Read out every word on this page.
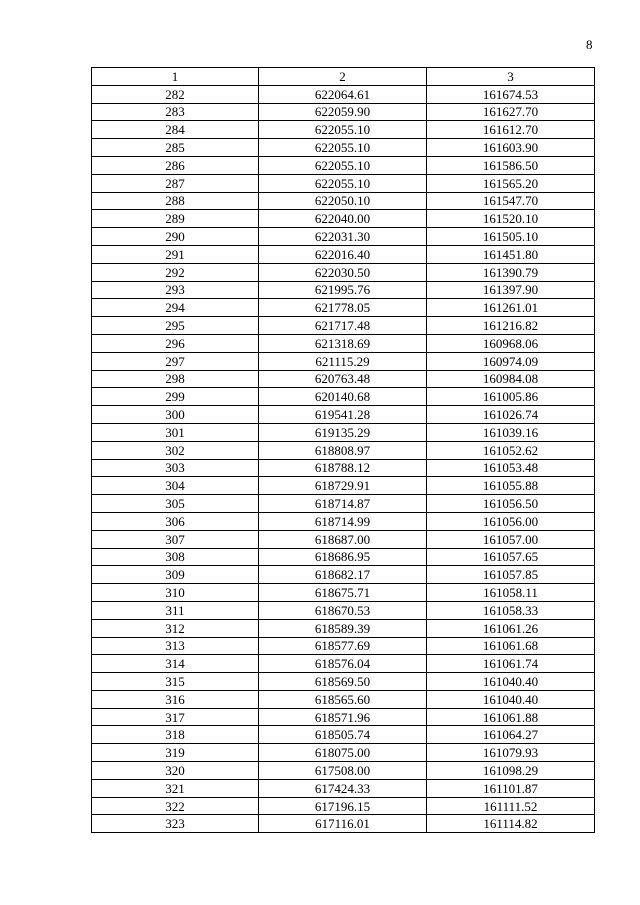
8
1	2	3
282	622064.61	161674.53
283	622059.90	161627.70
284	622055.10	161612.70
285	622055.10	161603.90
286	622055.10	161586.50
287	622055.10	161565.20
288	622050.10	161547.70
289	622040.00	161520.10
290	622031.30	161505.10
291	622016.40	161451.80
292	622030.50	161390.79
293	621995.76	161397.90
294	621778.05	161261.01
295	621717.48	161216.82
296	621318.69	160968.06
297	621115.29	160974.09
298	620763.48	160984.08
299	620140.68	161005.86
300	619541.28	161026.74
301	619135.29	161039.16
302	618808.97	161052.62
303	618788.12	161053.48
304	618729.91	161055.88
305	618714.87	161056.50
306	618714.99	161056.00
307	618687.00	161057.00
308	618686.95	161057.65
309	618682.17	161057.85
310	618675.71	161058.11
311	618670.53	161058.33
312	618589.39	161061.26
313	618577.69	161061.68
314	618576.04	161061.74
315	618569.50	161040.40
316	618565.60	161040.40
317	618571.96	161061.88
318	618505.74	161064.27
319	618075.00	161079.93
320	617508.00	161098.29
321	617424.33	161101.87
322	617196.15	161111.52
323	617116.01	161114.82
